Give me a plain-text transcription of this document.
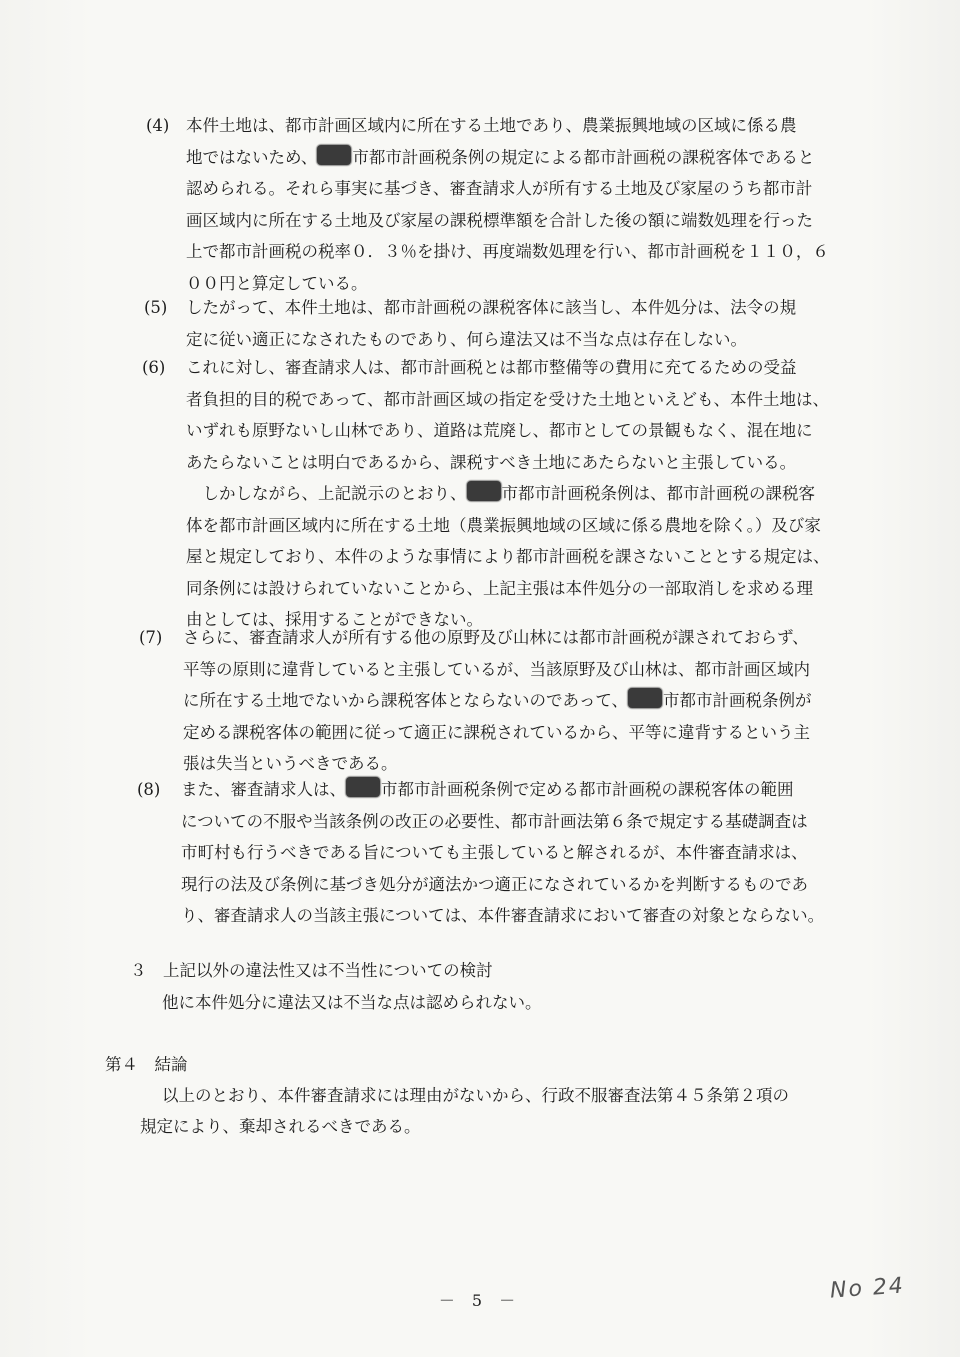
(4) 本件土地は、都市計画区域内に所在する土地であり、農業振興地域の区域に係る農
地ではないため、 市都市計画税条例の規定による都市計画税の課税客体であると
認められる。それら事実に基づき、審査請求人が所有する土地及び家屋のうち都市計
画区域内に所在する土地及び家屋の課税標準額を合計した後の額に端数処理を行った
上で都市計画税の税率０．３％を掛け、再度端数処理を行い、都市計画税を１１０，６
００円と算定している。
(5) したがって、本件土地は、都市計画税の課税客体に該当し、本件処分は、法令の規
定に従い適正になされたものであり、何ら違法又は不当な点は存在しない。
(6) これに対し、審査請求人は、都市計画税とは都市整備等の費用に充てるための受益
者負担的目的税であって、都市計画区域の指定を受けた土地といえども、本件土地は、
いずれも原野ないし山林であり、道路は荒廃し、都市としての景観もなく、混在地に
あたらないことは明白であるから、課税すべき土地にあたらないと主張している。
　しかしながら、上記説示のとおり、 市都市計画税条例は、都市計画税の課税客
体を都市計画区域内に所在する土地（農業振興地域の区域に係る農地を除く。）及び家
屋と規定しており、本件のような事情により都市計画税を課さないこととする規定は、
同条例には設けられていないことから、上記主張は本件処分の一部取消しを求める理
由としては、採用することができない。
(7) さらに、審査請求人が所有する他の原野及び山林には都市計画税が課されておらず、
平等の原則に違背していると主張しているが、当該原野及び山林は、都市計画区域内
に所在する土地でないから課税客体とならないのであって、 市都市計画税条例が
定める課税客体の範囲に従って適正に課税されているから、平等に違背するという主
張は失当というべきである。
(8) また、審査請求人は、 市都市計画税条例で定める都市計画税の課税客体の範囲
についての不服や当該条例の改正の必要性、都市計画法第６条で規定する基礎調査は
市町村も行うべきである旨についても主張していると解されるが、本件審査請求は、
現行の法及び条例に基づき処分が適法かつ適正になされているかを判断するものであ
り、審査請求人の当該主張については、本件審査請求において審査の対象とならない。
３　上記以外の違法性又は不当性についての検討
他に本件処分に違法又は不当な点は認められない。
第４　結論
以上のとおり、本件審査請求には理由がないから、行政不服審査法第４５条第２項の
規定により、棄却されるべきである。
－ 5 －	No 24
